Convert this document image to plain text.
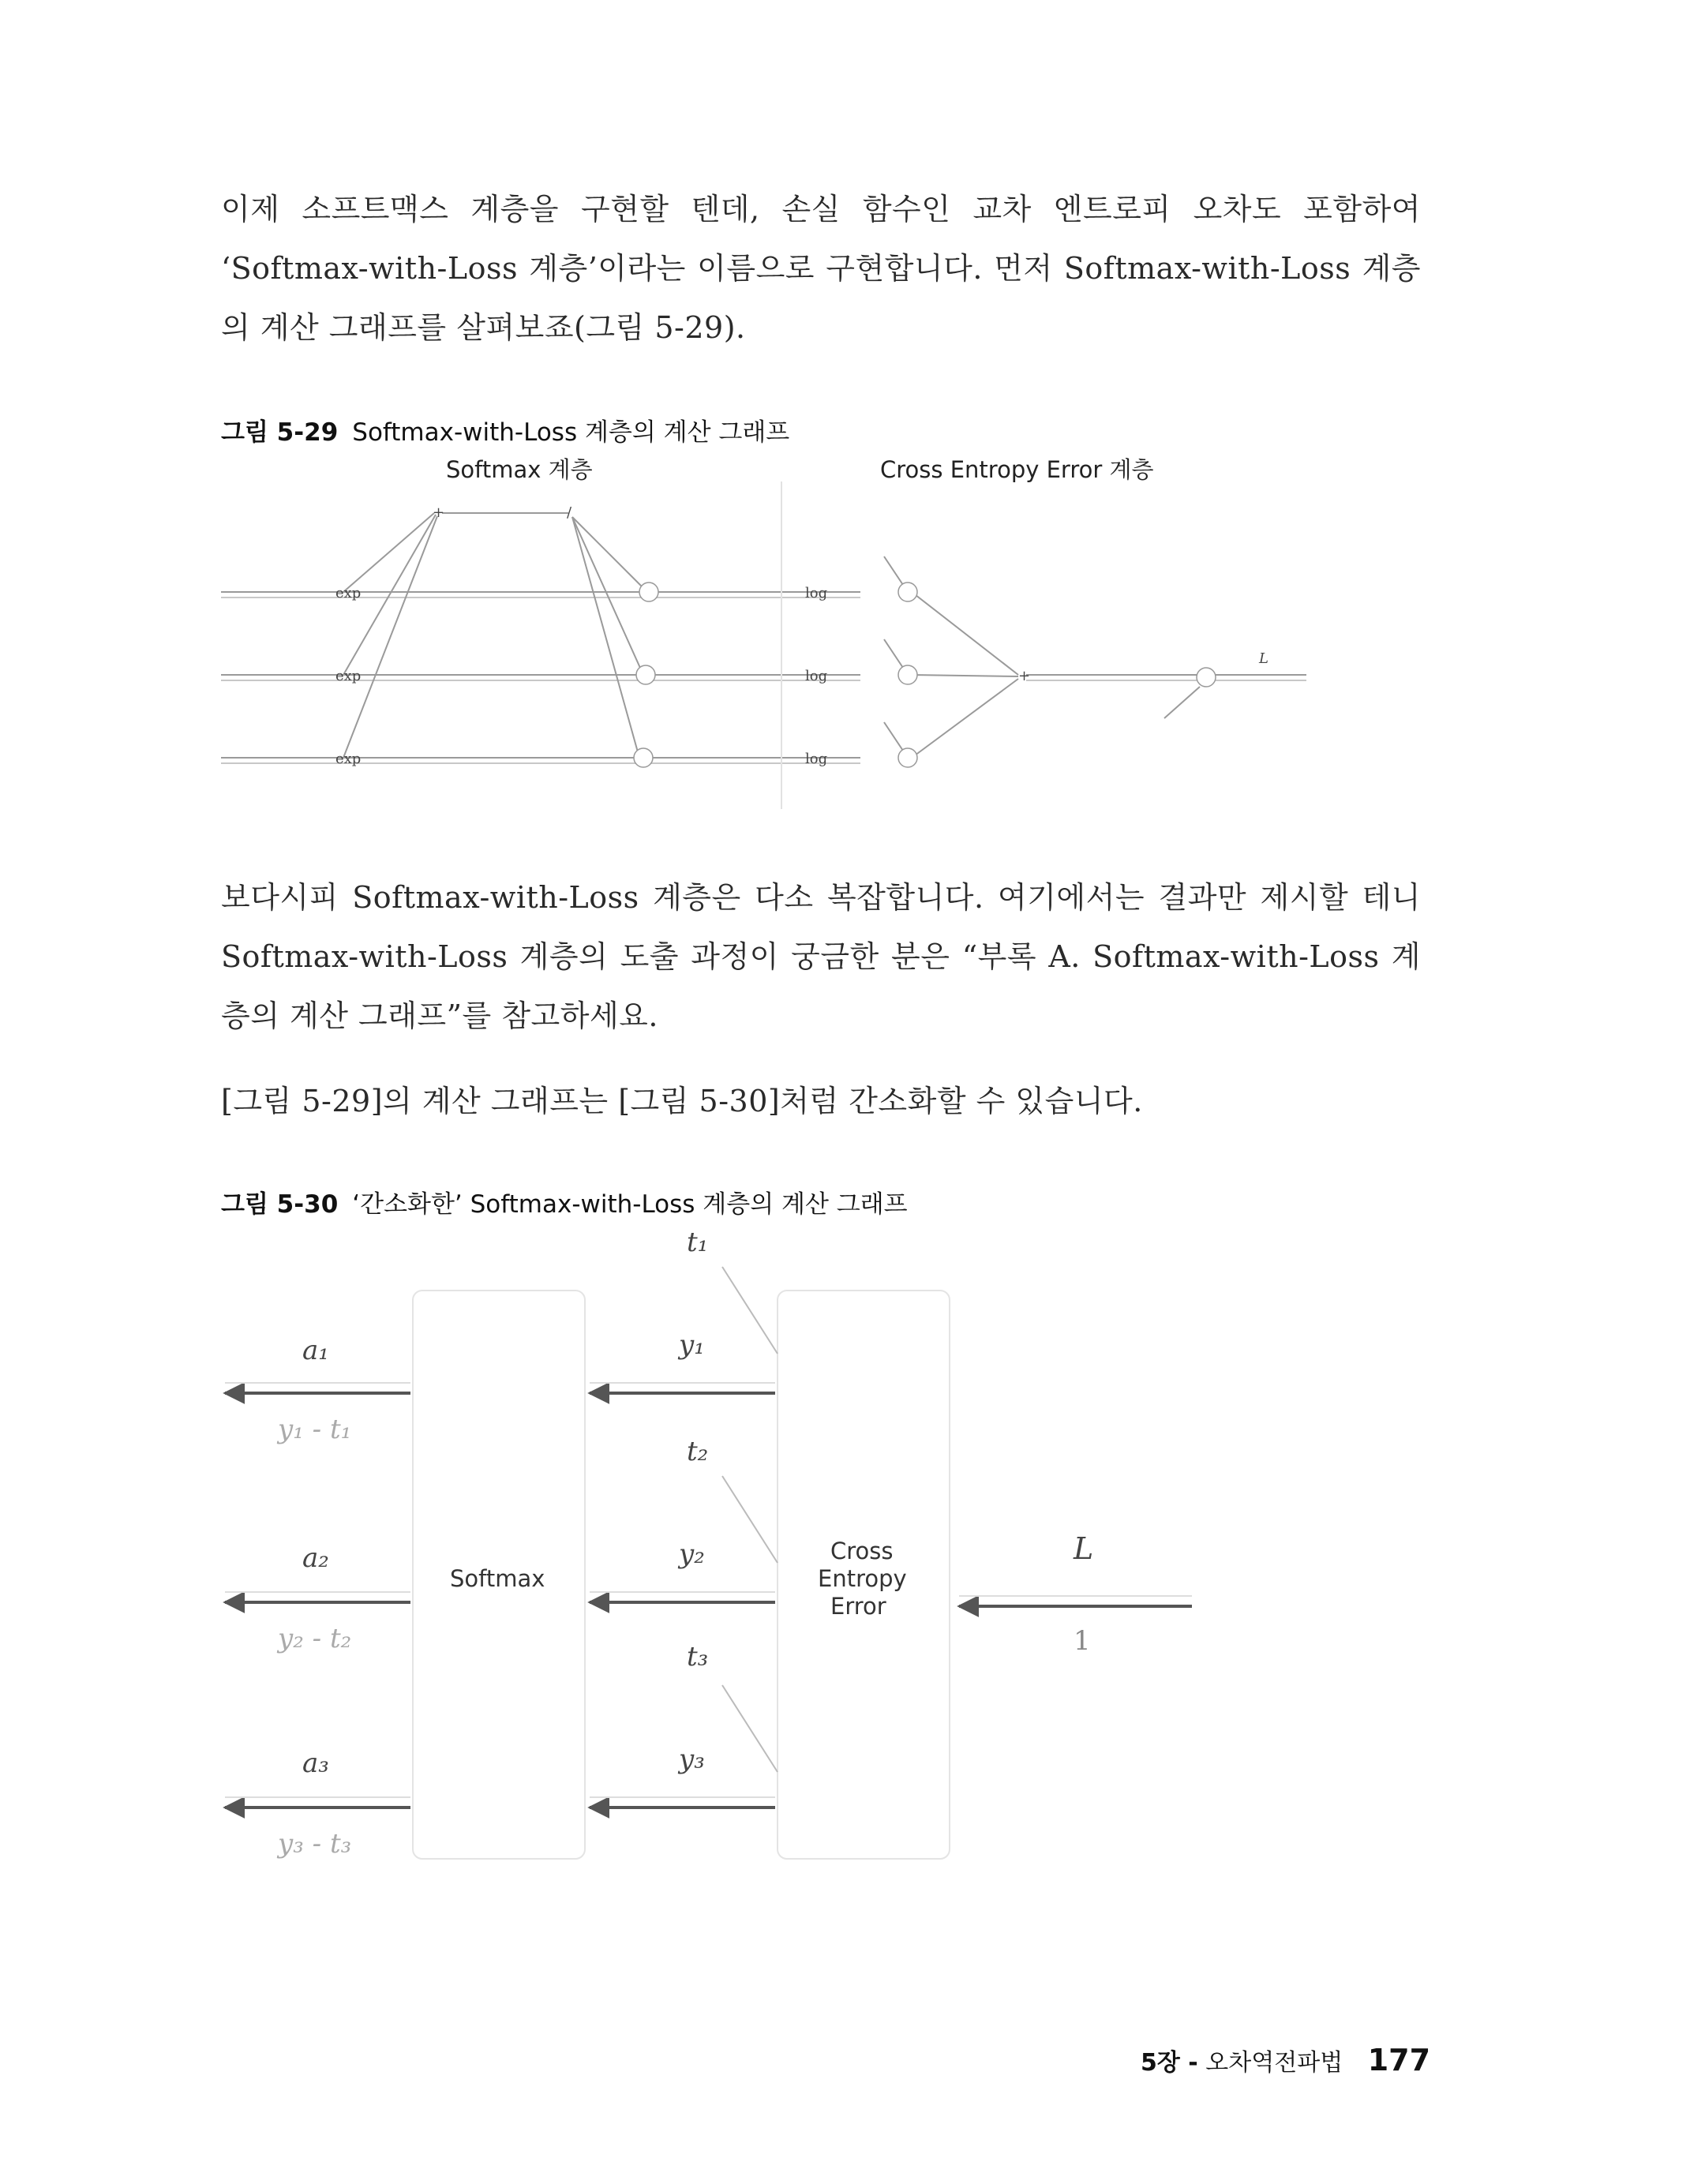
이제 소프트맥스 계층을 구현할 텐데, 손실 함수인 교차 엔트로피 오차도 포함하여 ‘Softmax-with-Loss 계층’이라는 이름으로 구현합니다. 먼저 Softmax-with-Loss 계층의 계산 그래프를 살펴보죠(그림 5-29).

그림 5-29 Softmax-with-Loss 계층의 계산 그래프
Softmax 계층	Cross Entropy Error 계층
exp
exp
exp
+	/
log
log
log
+
L

보다시피 Softmax-with-Loss 계층은 다소 복잡합니다. 여기에서는 결과만 제시할 테니 Softmax-with-Loss 계층의 도출 과정이 궁금한 분은 “부록 A. Softmax-with-Loss 계층의 계산 그래프”를 참고하세요.

[그림 5-29]의 계산 그래프는 [그림 5-30]처럼 간소화할 수 있습니다.

그림 5-30 ‘간소화한’ Softmax-with-Loss 계층의 계산 그래프
Softmax
Cross
Entropy
Error
a₁
a₂
a₃
y₁ - t₁
y₂ - t₂
y₃ - t₃
y₁
y₂
y₃
t₁
t₂
t₃
L
1
5장 - 오차역전파법 177
